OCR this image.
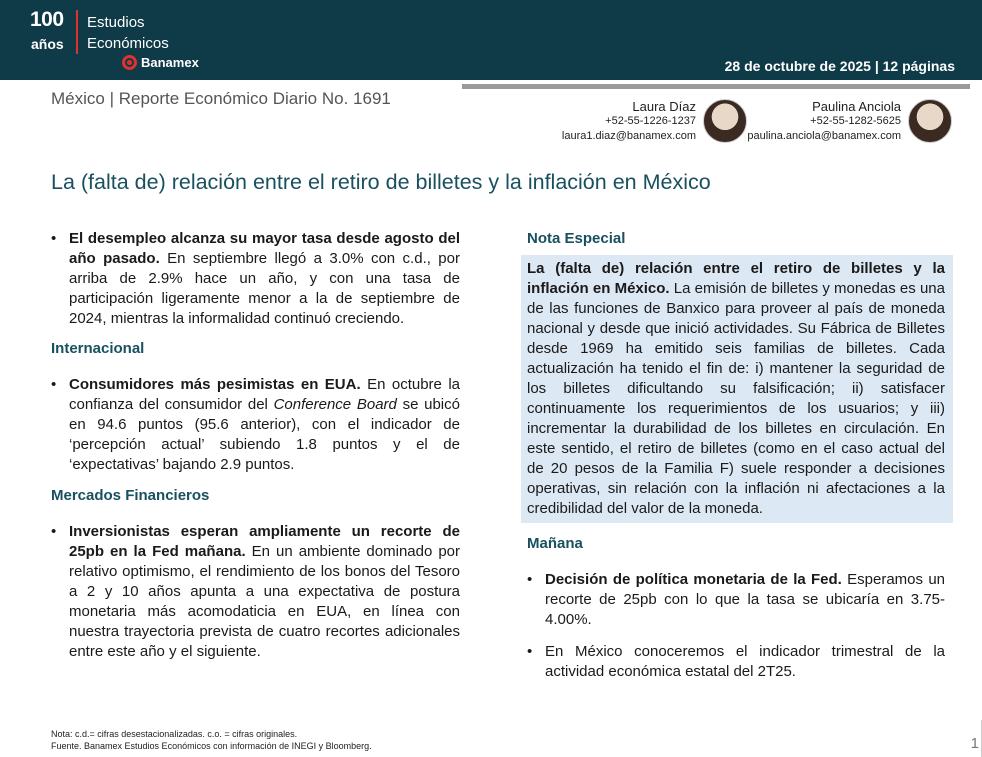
100
años
Estudios
Económicos
Banamex	28 de octubre de 2025 | 12 páginas
México | Reporte Económico Diario No. 1691	Laura Díaz
+52-55-1226-1237
laura1.diaz@banamex.com
Paulina Anciola
+52-55-1282-5625
paulina.anciola@banamex.com
La (falta de) relación entre el retiro de billetes y la inflación en México

• El desempleo alcanza su mayor tasa desde agosto del año pasado. En septiembre llegó a 3.0% con c.d., por arriba de 2.9% hace un año, y con una tasa de participación ligeramente menor a la de septiembre de 2024, mientras la informalidad continuó creciendo.

Internacional

• Consumidores más pesimistas en EUA. En octubre la confianza del consumidor del Conference Board se ubicó en 94.6 puntos (95.6 anterior), con el indicador de ‘percepción actual’ subiendo 1.8 puntos y el de ‘expectativas’ bajando 2.9 puntos.

Mercados Financieros

• Inversionistas esperan ampliamente un recorte de 25pb en la Fed mañana. En un ambiente dominado por relativo optimismo, el rendimiento de los bonos del Tesoro a 2 y 10 años apunta a una expectativa de postura monetaria más acomodaticia en EUA, en línea con nuestra trayectoria prevista de cuatro recortes adicionales entre este año y el siguiente.

Nota Especial
La (falta de) relación entre el retiro de billetes y la inflación en México. La emisión de billetes y monedas es una de las funciones de Banxico para proveer al país de moneda nacional y desde que inició actividades. Su Fábrica de Billetes desde 1969 ha emitido seis familias de billetes. Cada actualización ha tenido el fin de: i) mantener la seguridad de los billetes dificultando su falsificación; ii) satisfacer continuamente los requerimientos de los usuarios; y iii) incrementar la durabilidad de los billetes en circulación. En este sentido, el retiro de billetes (como en el caso actual del de 20 pesos de la Familia F) suele responder a decisiones operativas, sin relación con la inflación ni afectaciones a la credibilidad del valor de la moneda.
Mañana

• Decisión de política monetaria de la Fed. Esperamos un recorte de 25pb con lo que la tasa se ubicaría en 3.75-4.00%.

• En México conoceremos el indicador trimestral de la actividad económica estatal del 2T25.

Nota: c.d.= cifras desestacionalizadas. c.o. = cifras originales.
Fuente. Banamex Estudios Económicos con información de INEGI y Bloomberg.	1
